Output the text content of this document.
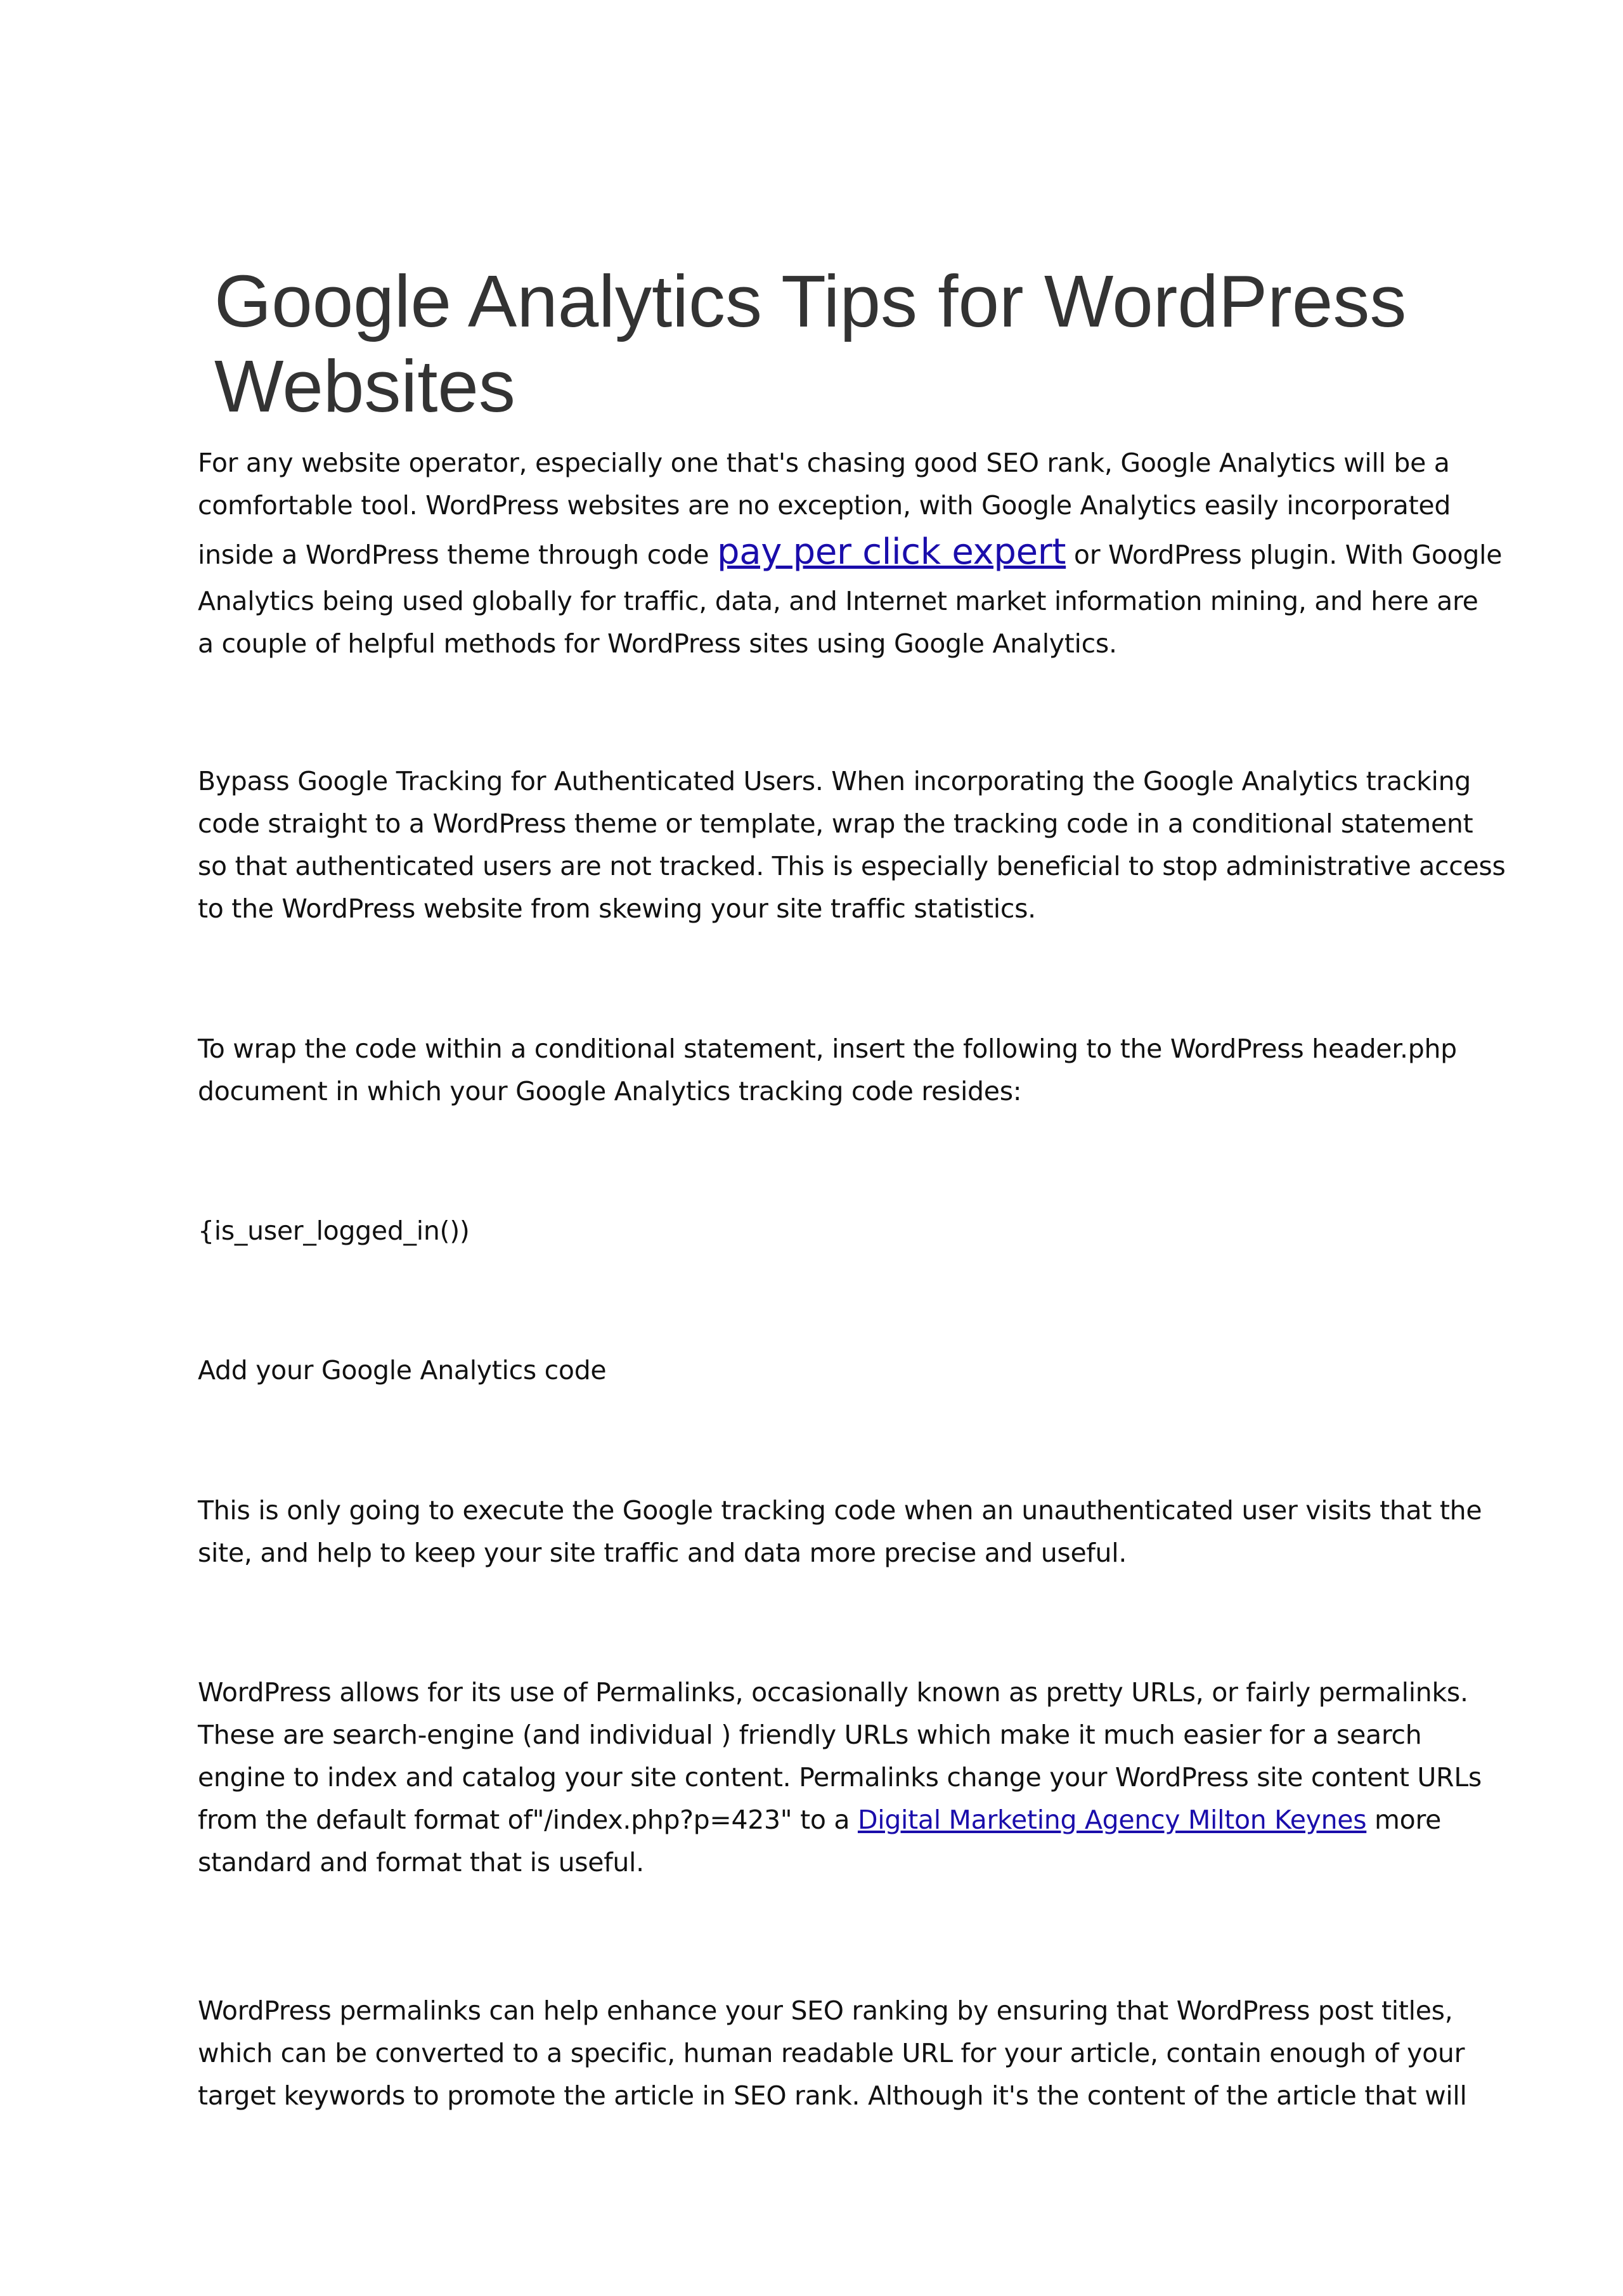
Google Analytics Tips for WordPress
Websites

For any website operator, especially one that's chasing good SEO rank, Google Analytics will be a
comfortable tool. WordPress websites are no exception, with Google Analytics easily incorporated
inside a WordPress theme through code pay per click expert or WordPress plugin. With Google
Analytics being used globally for traffic, data, and Internet market information mining, and here are
a couple of helpful methods for WordPress sites using Google Analytics.

Bypass Google Tracking for Authenticated Users. When incorporating the Google Analytics tracking
code straight to a WordPress theme or template, wrap the tracking code in a conditional statement
so that authenticated users are not tracked. This is especially beneficial to stop administrative access
to the WordPress website from skewing your site traffic statistics.

To wrap the code within a conditional statement, insert the following to the WordPress header.php
document in which your Google Analytics tracking code resides:

{is_user_logged_in())

Add your Google Analytics code

This is only going to execute the Google tracking code when an unauthenticated user visits that the
site, and help to keep your site traffic and data more precise and useful.

WordPress allows for its use of Permalinks, occasionally known as pretty URLs, or fairly permalinks.
These are search-engine (and individual ) friendly URLs which make it much easier for a search
engine to index and catalog your site content. Permalinks change your WordPress site content URLs
from the default format of"/index.php?p=423" to a Digital Marketing Agency Milton Keynes more
standard and format that is useful.

WordPress permalinks can help enhance your SEO ranking by ensuring that WordPress post titles,
which can be converted to a specific, human readable URL for your article, contain enough of your
target keywords to promote the article in SEO rank. Although it's the content of the article that will
